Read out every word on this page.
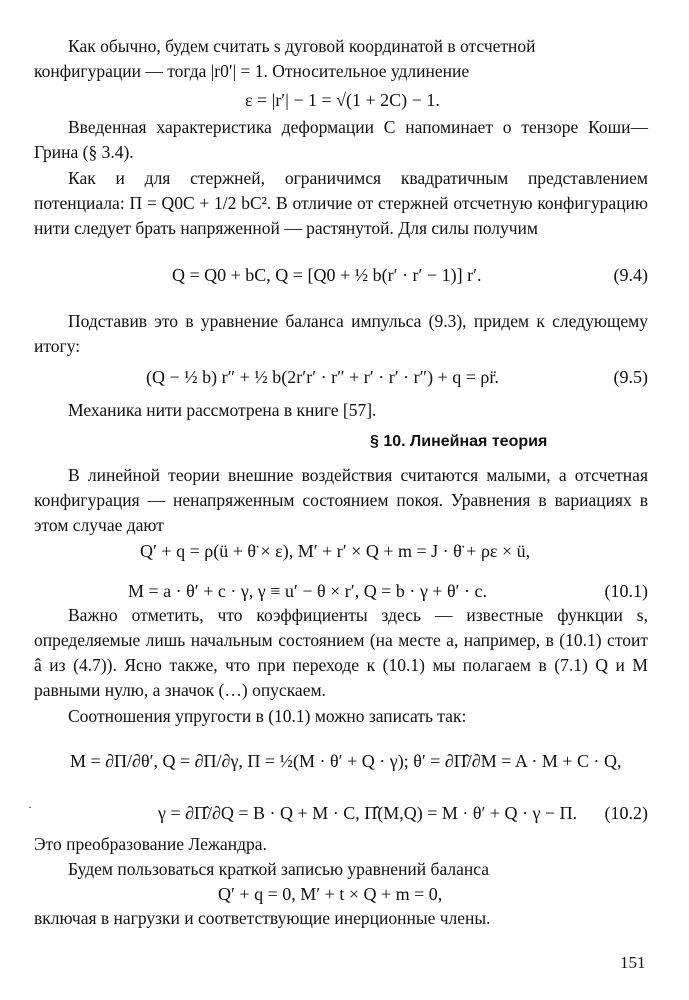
Как обычно, будем считать s дуговой координатой в отсчетной
конфигурации — тогда |r0′| = 1. Относительное удлинение
ε = |r′| − 1 = √(1 + 2C) − 1.
Введенная характеристика деформации C напоминает о тензоре Коши—Грина (§ 3.4).
Как и для стержней, ограничимся квадратичным представлением потенциала: Π = Q0C + 1/2 bC². В отличие от стержней отсчетную конфигурацию нити следует брать напряженной — растянутой. Для силы получим
Q = Q0 + bC, Q = [Q0 + ½ b(r′ · r′ − 1)] r′.	(9.4)
Подставив это в уравнение баланса импульса (9.3), придем к следующему итогу:
(Q − ½ b) r″ + ½ b(2r′r′ · r″ + r′ · r′ · r″) + q = ρr̈.	(9.5)
Механика нити рассмотрена в книге [57].
§ 10. Линейная теория
В линейной теории внешние воздействия считаются малыми, а отсчетная конфигурация — ненапряженным состоянием покоя. Уравнения в вариациях в этом случае дают
Q′ + q = ρ(ü + θ̈ × ε), M′ + r′ × Q + m = J · θ̈ + ρε × ü,
M = a · θ′ + c · γ, γ ≡ u′ − θ × r′, Q = b · γ + θ′ · c.	(10.1)
Важно отметить, что коэффициенты здесь — известные функции s, определяемые лишь начальным состоянием (на месте a, например, в (10.1) стоит â из (4.7)). Ясно также, что при переходе к (10.1) мы полагаем в (7.1) Q и M равными нулю, а значок (…) опускаем.
Соотношения упругости в (10.1) можно записать так:
M = ∂Π/∂θ′, Q = ∂Π/∂γ, Π = ½(M · θ′ + Q · γ); θ′ = ∂Π̂/∂M = A · M + C · Q,
γ = ∂Π̂/∂Q = B · Q + M · C, Π̂(M,Q) = M · θ′ + Q · γ − Π. (10.2)
·
Это преобразование Лежандра.
Будем пользоваться краткой записью уравнений баланса
Q′ + q = 0, M′ + t × Q + m = 0,
включая в нагрузки и соответствующие инерционные члены.
151
